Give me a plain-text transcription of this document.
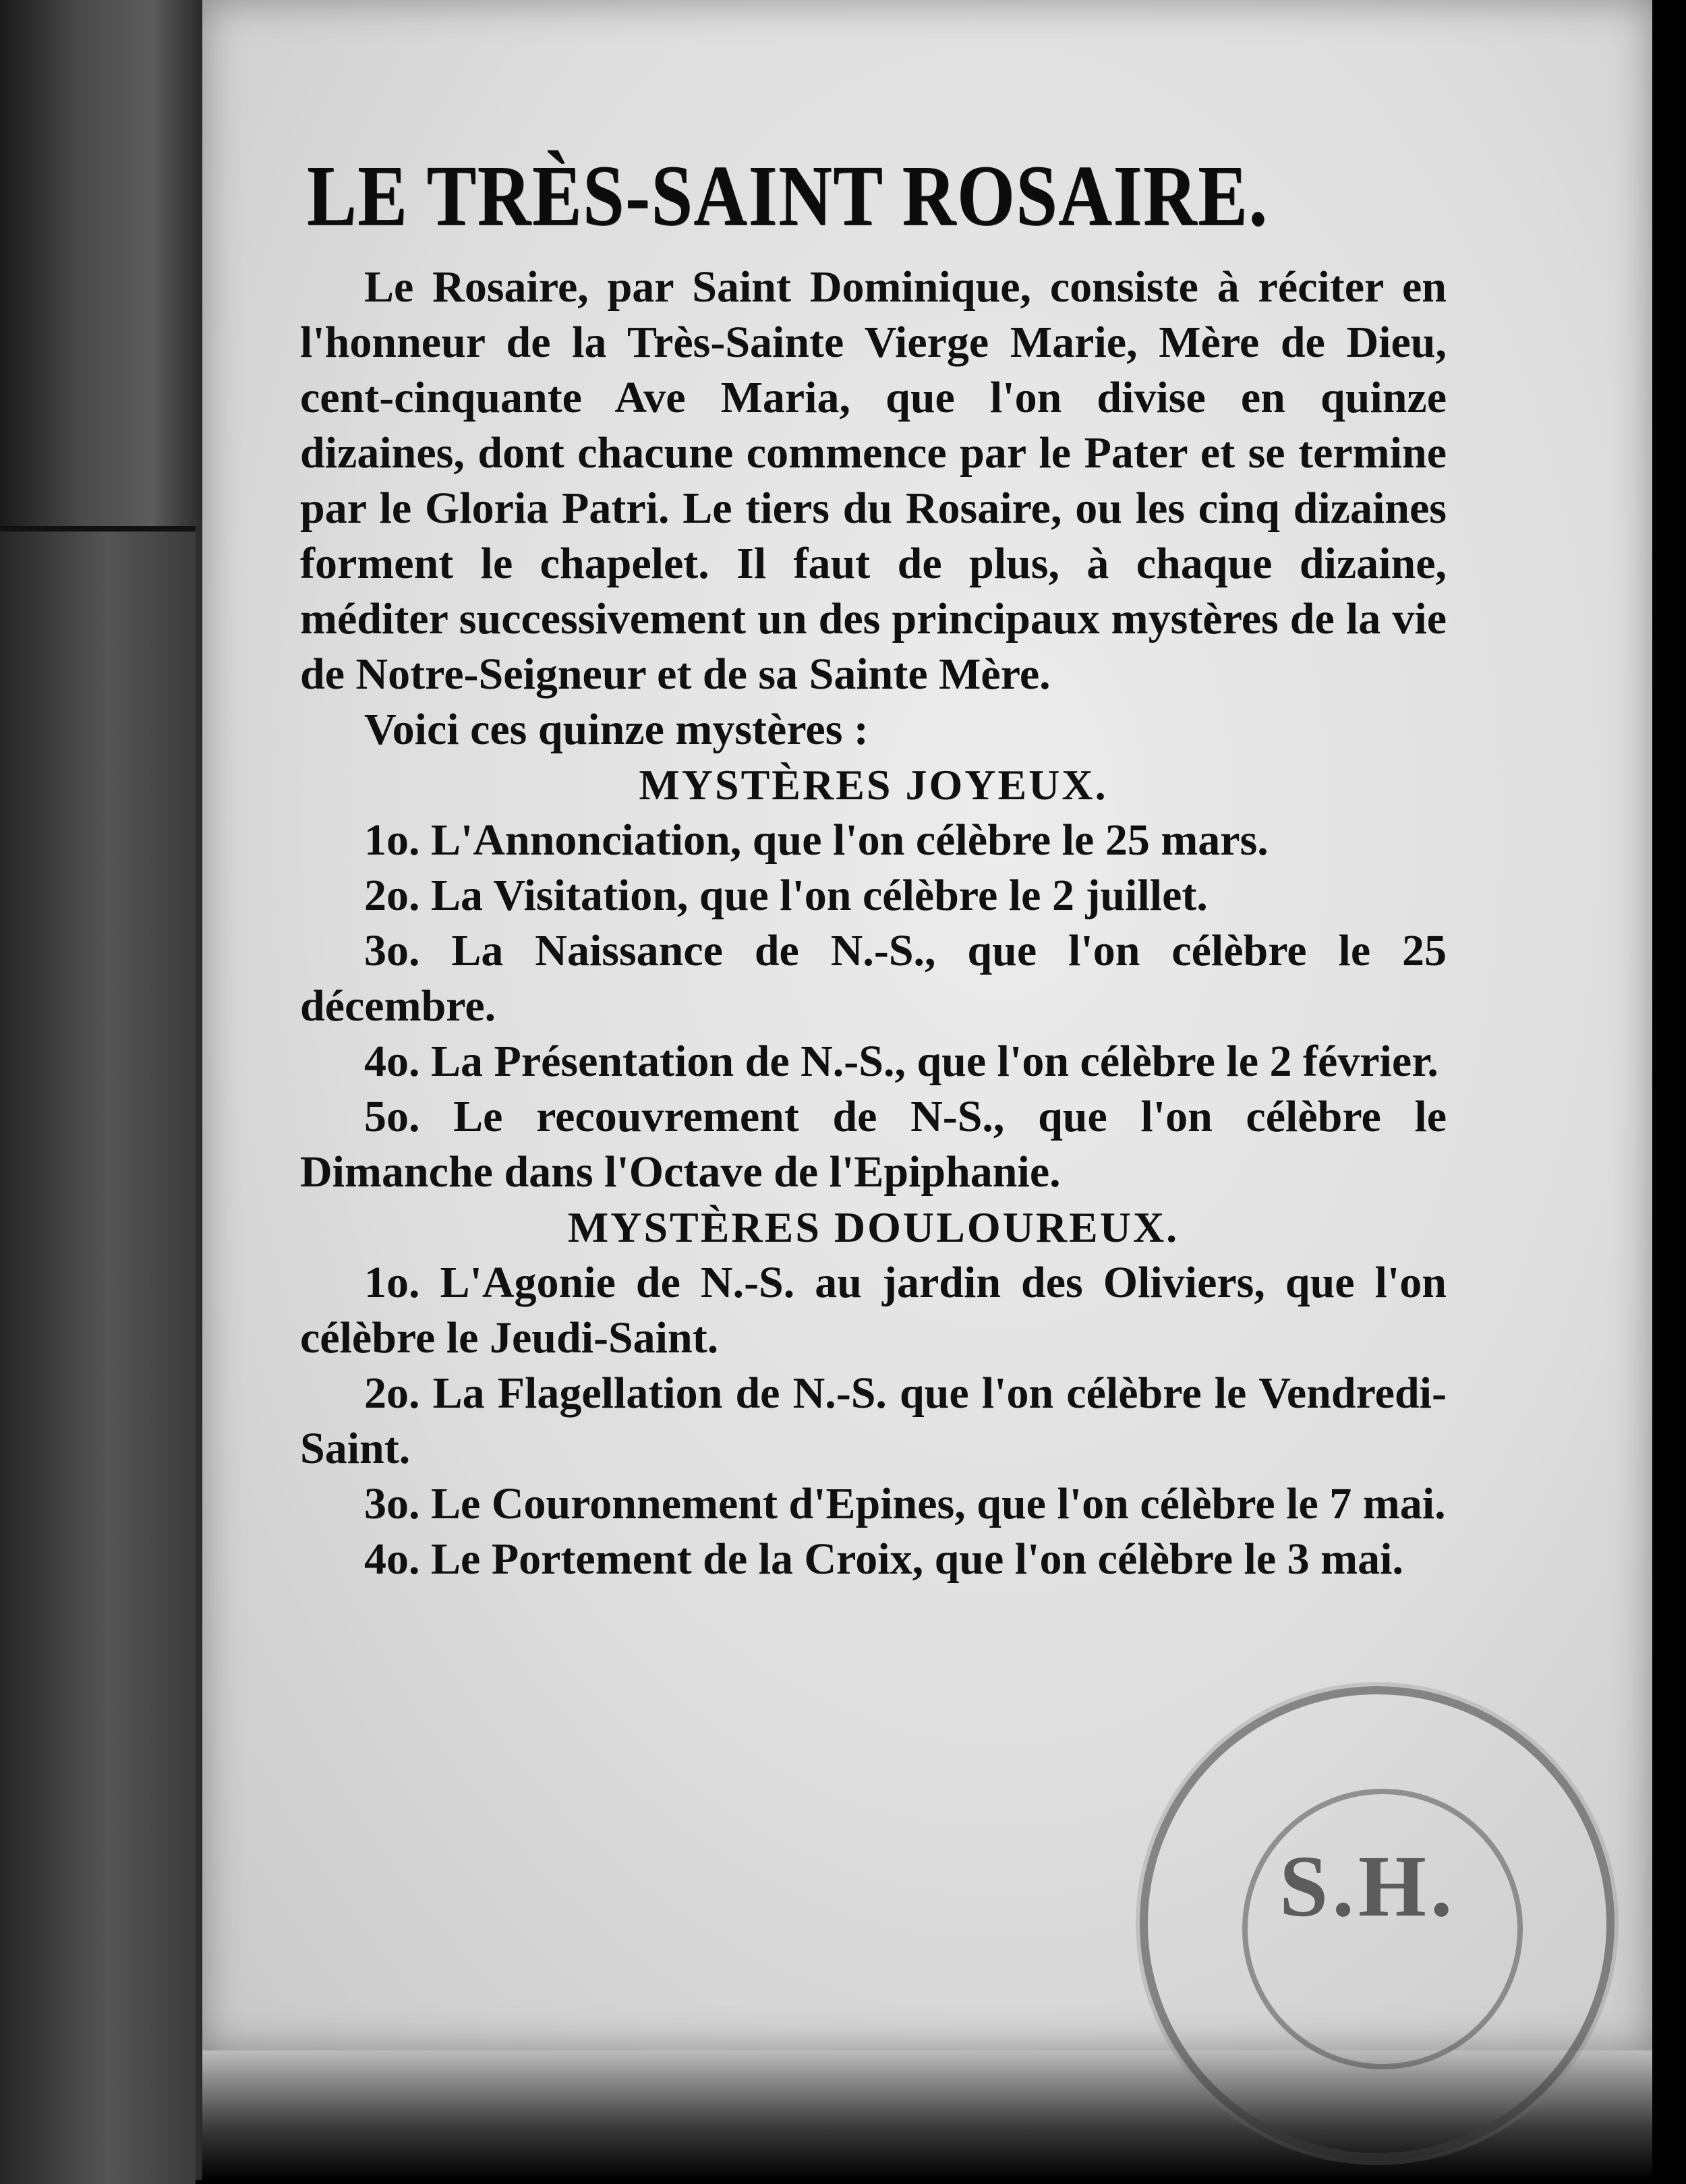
LE TRÈS-SAINT ROSAIRE.

Le Rosaire, par Saint Dominique, consiste à réciter en l'honneur de la Très-Sainte Vierge Marie, Mère de Dieu, cent-cinquante Ave Maria, que l'on divise en quinze dizaines, dont chacune commence par le Pater et se termine par le Gloria Patri. Le tiers du Rosaire, ou les cinq dizaines forment le chapelet. Il faut de plus, à chaque dizaine, méditer successivement un des principaux mystères de la vie de Notre-Seigneur et de sa Sainte Mère.

Voici ces quinze mystères :

MYSTÈRES JOYEUX.

1o. L'Annonciation, que l'on célèbre le 25 mars.

2o. La Visitation, que l'on célèbre le 2 juillet.

3o. La Naissance de N.-S., que l'on célèbre le 25 décembre.

4o. La Présentation de N.-S., que l'on célèbre le 2 février.

5o. Le recouvrement de N-S., que l'on célèbre le Dimanche dans l'Octave de l'Epiphanie.

MYSTÈRES DOULOUREUX.

1o. L'Agonie de N.-S. au jardin des Oliviers, que l'on célèbre le Jeudi-Saint.

2o. La Flagellation de N.-S. que l'on célèbre le Vendredi-Saint.

3o. Le Couronnement d'Epines, que l'on célèbre le 7 mai.

4o. Le Portement de la Croix, que l'on célèbre le 3 mai.

S.H.
